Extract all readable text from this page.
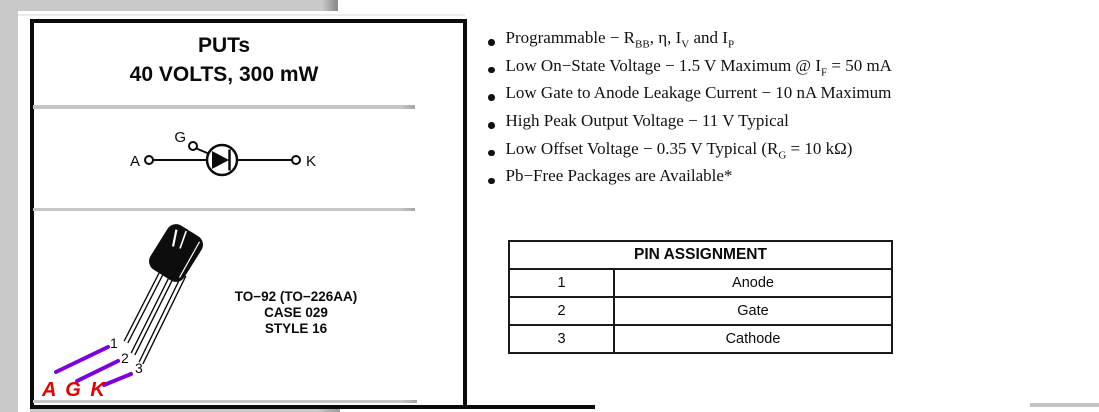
PUTs
40 VOLTS, 300 mW
A	K
G
1
2
3
A G K
TO−92 (TO−226AA)
CASE 029
STYLE 16
Programmable − $R_{BB}$, η, $I_V$ and $I_P$
Low On−State Voltage − 1.5 V Maximum @ $I_F = 50$ mA
Low Gate to Anode Leakage Current − 10 nA Maximum
High Peak Output Voltage − 11 V Typical
Low Offset Voltage − 0.35 V Typical ($R_G = 10$ kΩ)
Pb−Free Packages are Available*
PIN ASSIGNMENT	
1	Anode
2	Gate
3	Cathode
